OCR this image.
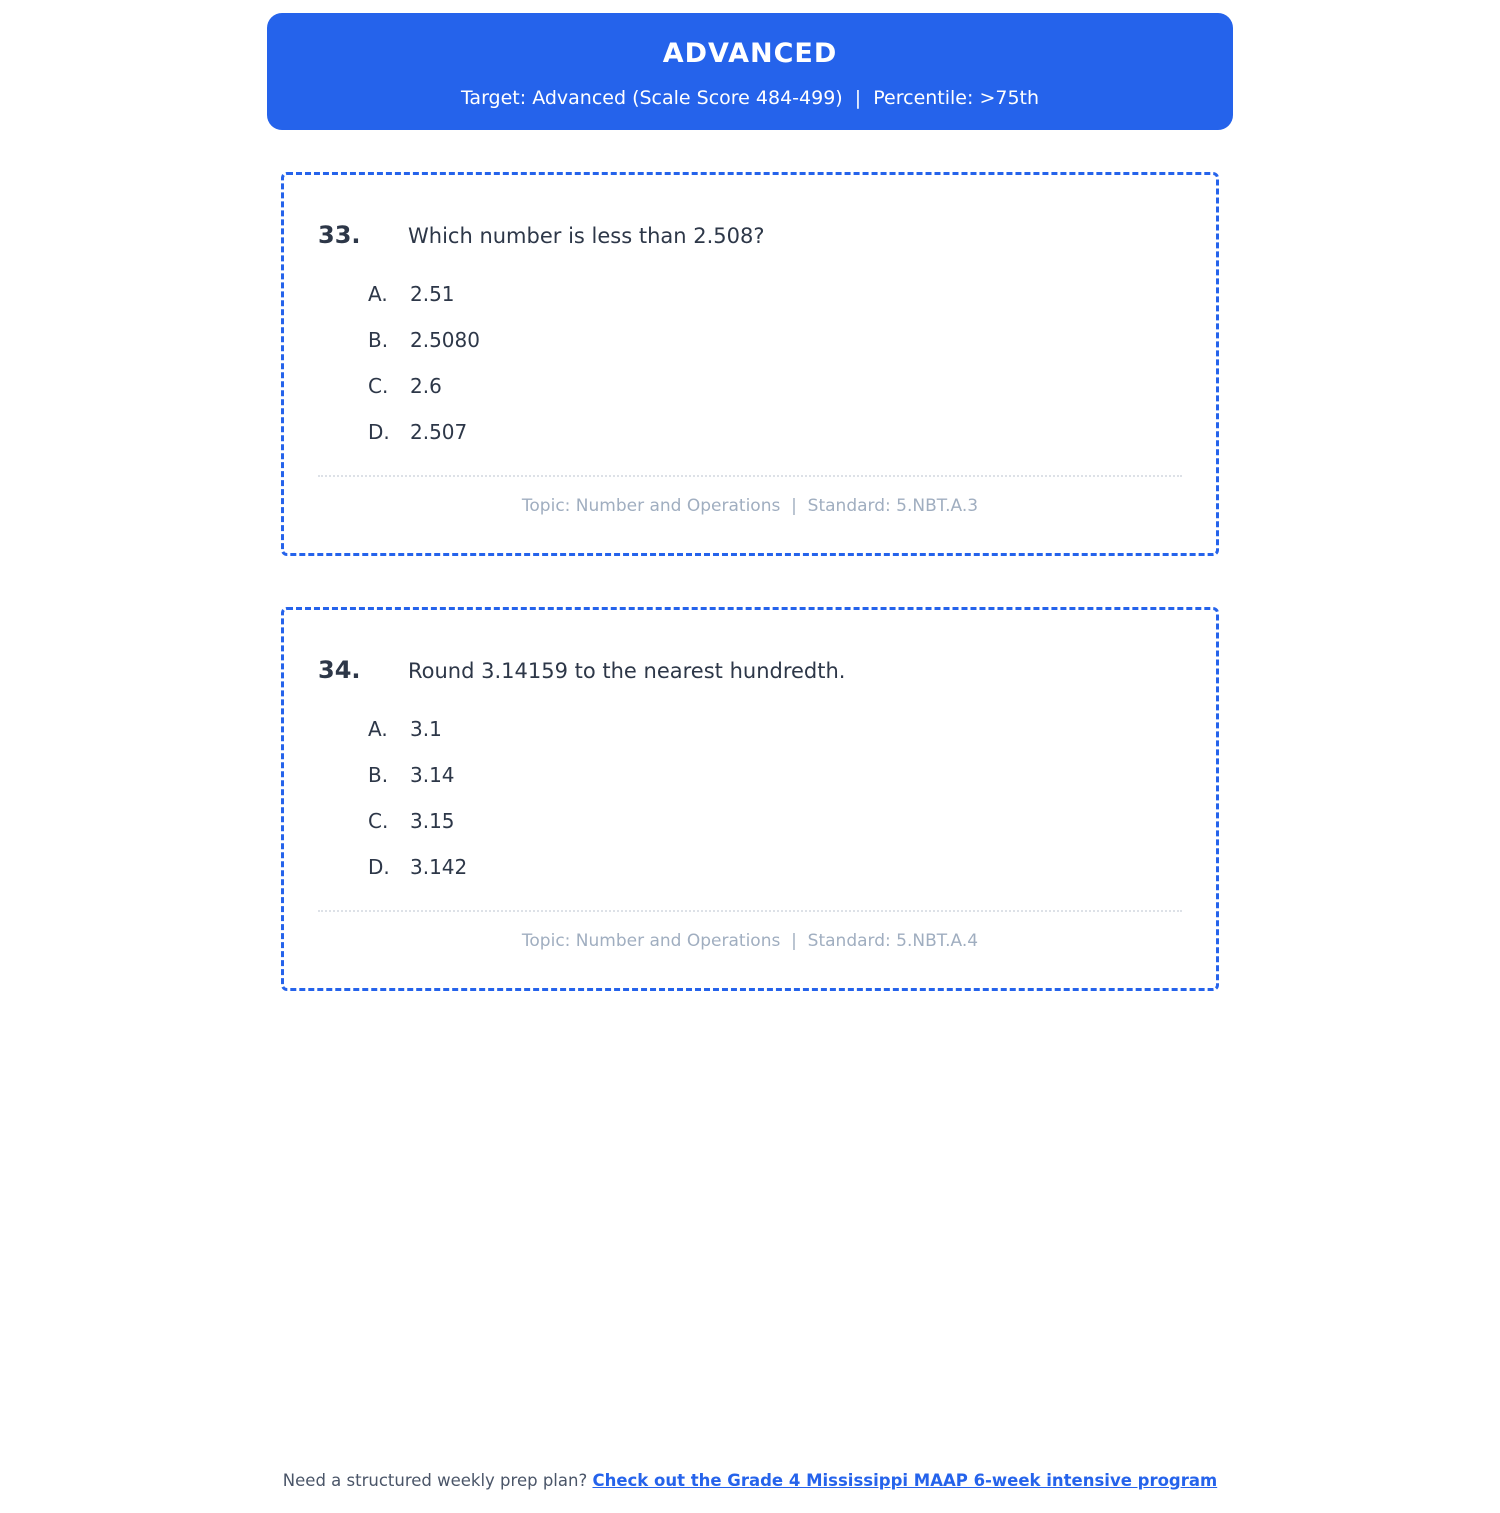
ADVANCED
Target: Advanced (Scale Score 484-499)  |  Percentile: >75th
33.	Which number is less than 2.508?
A.	2.51
B.	2.5080
C.	2.6
D.	2.507
Topic: Number and Operations  |  Standard: 5.NBT.A.3
34.	Round 3.14159 to the nearest hundredth.
A.	3.1
B.	3.14
C.	3.15
D.	3.142
Topic: Number and Operations  |  Standard: 5.NBT.A.4
Need a structured weekly prep plan? Check out the Grade 4 Mississippi MAAP 6-week intensive program
